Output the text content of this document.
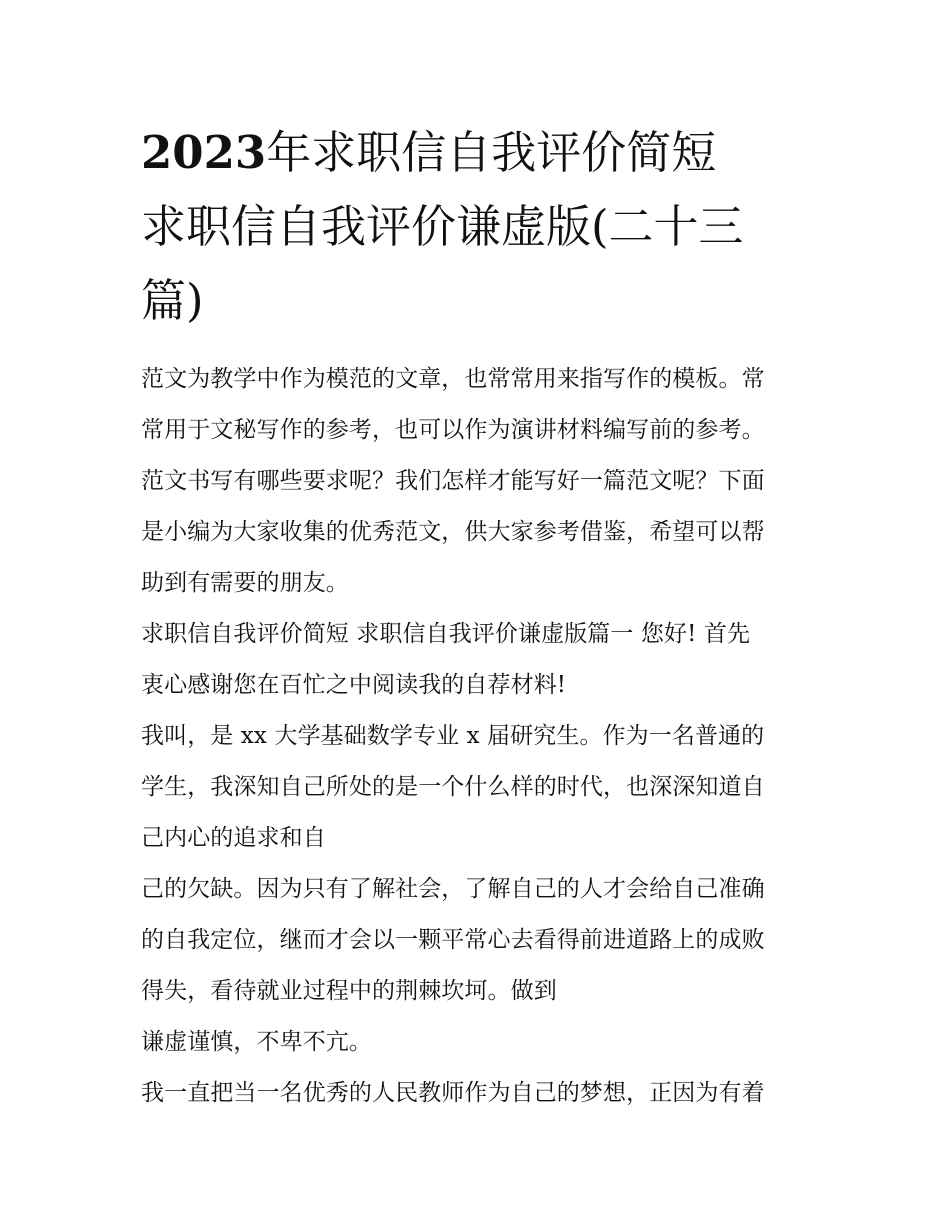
2023年求职信自我评价简短
求职信自我评价谦虚版(二十三
篇)
范文为教学中作为模范的文章，也常常用来指写作的模板。常
常用于文秘写作的参考，也可以作为演讲材料编写前的参考。
范文书写有哪些要求呢？我们怎样才能写好一篇范文呢？下面
是小编为大家收集的优秀范文，供大家参考借鉴，希望可以帮
助到有需要的朋友。
求职信自我评价简短 求职信自我评价谦虚版篇一 您好! 首先
衷心感谢您在百忙之中阅读我的自荐材料!
我叫，是 xx 大学基础数学专业 x 届研究生。作为一名普通的
学生，我深知自己所处的是一个什么样的时代，也深深知道自
己内心的追求和自
己的欠缺。因为只有了解社会，了解自己的人才会给自己准确
的自我定位，继而才会以一颗平常心去看得前进道路上的成败
得失，看待就业过程中的荆棘坎坷。做到
谦虚谨慎，不卑不亢。
我一直把当一名优秀的人民教师作为自己的梦想，正因为有着
